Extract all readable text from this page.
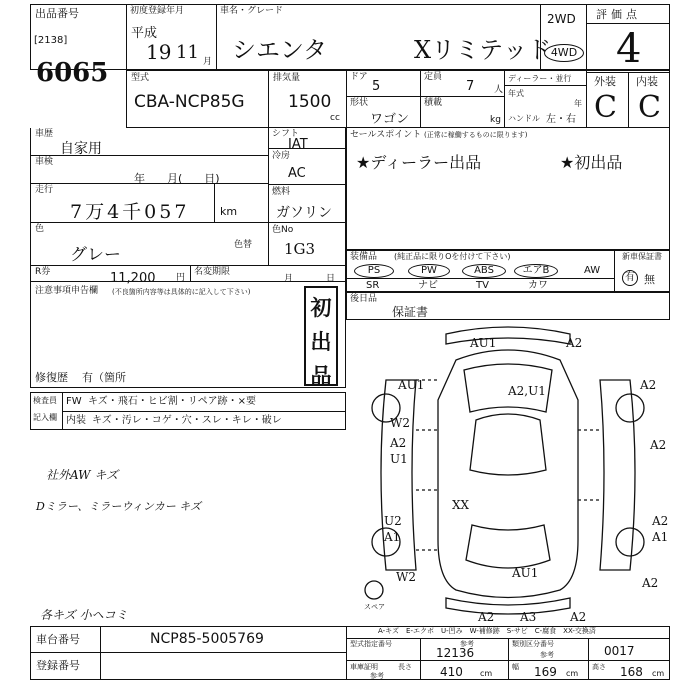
出品番号
[2138]
6065
初度登録年月
平成
19 11 月
車名・グレード
シエンタ	Xリミテッド
2WD
4WD
評価点
4
型式
CBA-NCP85G
排気量
1500
cc
ドア
5
定員
7 人
形状
ワゴン
積載
kg
ディーラー・並行
年式
年
ハンドル 左・右
外装 内装
C C
車歴
自家用
車検
年　　月(　　日)
走行
7万4千057	km
色
グレー	色替
シフト
IAT
冷房
AC
燃料
ガソリン
色No
1G3
R券	11,200 円
名変期限
月	日
注意事項申告欄 (不良箇所内容等は具体的に記入して下さい)
初
出
品
修復歴 有（箇所
検査員
記入欄
FW キズ・飛石・ヒビ割・リペア跡・×要
内装 キズ・汚レ・コゲ・穴・スレ・キレ・破レ
社外AW キズ
Dミラー、ミラーウィンカー キズ
各キズ 小ヘコミ
セールスポイント (正常に稼働するものに限ります)
★ディーラー出品	★初出品
装備品 (純正品に限りΟを付けて下さい)	新車保証書
PS	PW	ABS	エアB	AW
SR	ナビ	TV	カワ
有 無
後日品
保証書
AU1	A2
AU1	A2,U1	A2
W2
A2	A2
U1
XX
U2
A1
A2
A1
AU1
W2	A2
A2 A3	A2
スペア
A-キズ　E-エクボ　U-凹み　W-補修跡　S-サビ　C-腐食　XX-交換済
車台番号	NCP85-5005769
登録番号
型式指定番号	参考
12136
類別区分番号
参考	0017
車庫証明	長さ
参考	410 cm
幅 169 cm
高さ 168 cm
